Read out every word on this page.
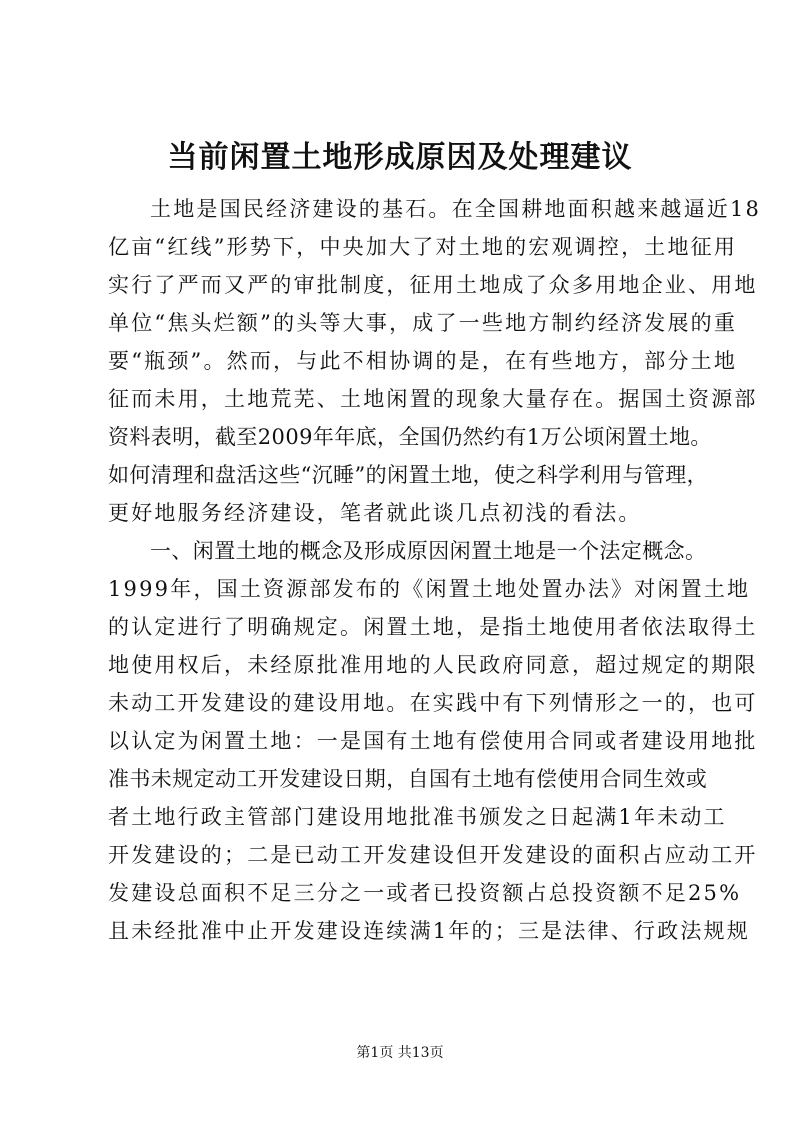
当前闲置土地形成原因及处理建议
土地是国民经济建设的基石。在全国耕地面积越来越逼近18
亿亩“红线”形势下，中央加大了对土地的宏观调控，土地征用
实行了严而又严的审批制度，征用土地成了众多用地企业、用地
单位“焦头烂额”的头等大事，成了一些地方制约经济发展的重
要“瓶颈”。然而，与此不相协调的是，在有些地方，部分土地
征而未用，土地荒芜、土地闲置的现象大量存在。据国土资源部
资料表明，截至2009年年底，全国仍然约有1万公顷闲置土地。
如何清理和盘活这些“沉睡”的闲置土地，使之科学利用与管理，
更好地服务经济建设，笔者就此谈几点初浅的看法。
一、闲置土地的概念及形成原因闲置土地是一个法定概念。
1999年，国土资源部发布的《闲置土地处置办法》对闲置土地
的认定进行了明确规定。闲置土地，是指土地使用者依法取得土
地使用权后，未经原批准用地的人民政府同意，超过规定的期限
未动工开发建设的建设用地。在实践中有下列情形之一的，也可
以认定为闲置土地：一是国有土地有偿使用合同或者建设用地批
准书未规定动工开发建设日期，自国有土地有偿使用合同生效或
者土地行政主管部门建设用地批准书颁发之日起满1年未动工
开发建设的；二是已动工开发建设但开发建设的面积占应动工开
发建设总面积不足三分之一或者已投资额占总投资额不足25%
且未经批准中止开发建设连续满1年的；三是法律、行政法规规
第1页 共13页
